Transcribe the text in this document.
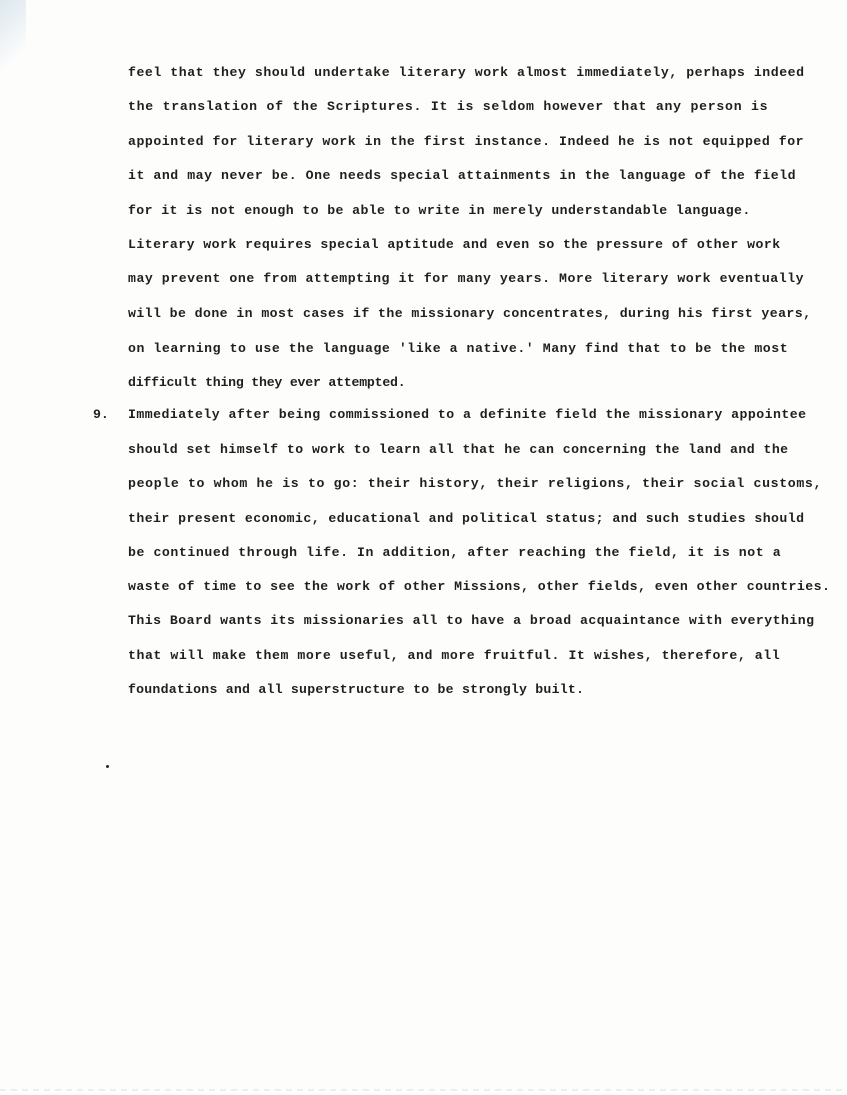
feel that they should undertake literary work almost immediately, perhaps indeed
the translation of the Scriptures. It is seldom however that any person is
appointed for literary work in the first instance. Indeed he is not equipped for
it and may never be. One needs special attainments in the language of the field
for it is not enough to be able to write in merely understandable language.
Literary work requires special aptitude and even so the pressure of other work
may prevent one from attempting it for many years. More literary work eventually
will be done in most cases if the missionary concentrates, during his first years,
on learning to use the language 'like a native.' Many find that to be the most
difficult thing they ever attempted.
9. Immediately after being commissioned to a definite field the missionary appointee
should set himself to work to learn all that he can concerning the land and the
people to whom he is to go: their history, their religions, their social customs,
their present economic, educational and political status; and such studies should
be continued through life. In addition, after reaching the field, it is not a
waste of time to see the work of other Missions, other fields, even other countries.
This Board wants its missionaries all to have a broad acquaintance with everything
that will make them more useful, and more fruitful. It wishes, therefore, all
foundations and all superstructure to be strongly built.
